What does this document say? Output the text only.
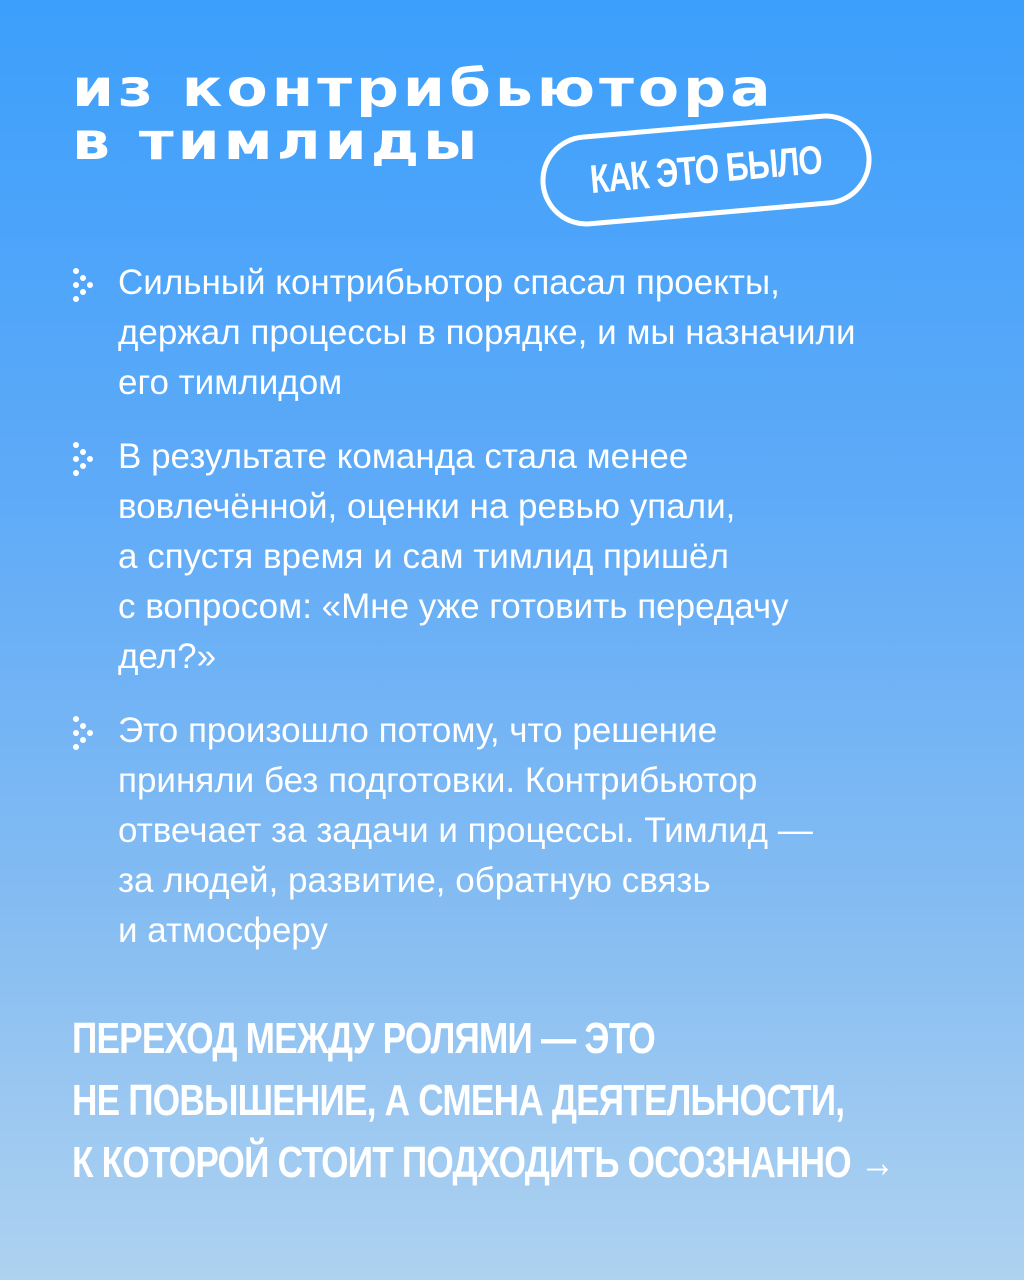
из контрибьютора
в тимлиды	КАК ЭТО БЫЛО
Сильный контрибьютор спасал проекты,
держал процессы в порядке, и мы назначили
его тимлидом
В результате команда стала менее
вовлечённой, оценки на ревью упали,
а спустя время и сам тимлид пришёл
с вопросом: «Мне уже готовить передачу
дел?»
Это произошло потому, что решение
приняли без подготовки. Контрибьютор
отвечает за задачи и процессы. Тимлид —
за людей, развитие, обратную связь
и атмосферу

ПЕРЕХОД МЕЖДУ РОЛЯМИ — ЭТО
НЕ ПОВЫШЕНИЕ, А СМЕНА ДЕЯТЕЛЬНОСТИ,
К КОТОРОЙ СТОИТ ПОДХОДИТЬ ОСОЗНАННО →
